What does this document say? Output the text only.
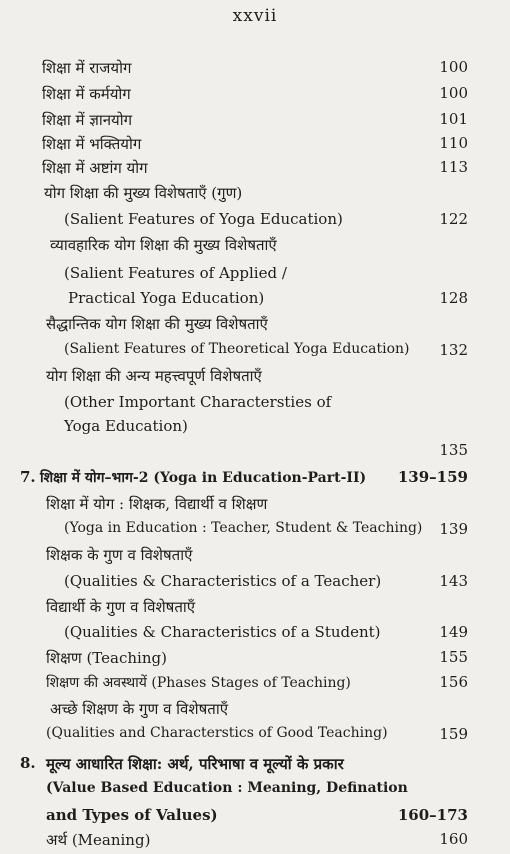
xxvii
शिक्षा में राजयोग	100
शिक्षा में कर्मयोग	100
शिक्षा में ज्ञानयोग	101
शिक्षा में भक्तियोग	110
शिक्षा में अष्टांग योग	113
योग शिक्षा की मुख्य विशेषताएँ (गुण)
(Salient Features of Yoga Education)	122
व्यावहारिक योग शिक्षा की मुख्य विशेषताएँ
(Salient Features of Applied /
Practical Yoga Education)	128
सैद्धान्तिक योग शिक्षा की मुख्य विशेषताएँ
(Salient Features of Theoretical Yoga Education) 132
योग शिक्षा की अन्य महत्त्वपूर्ण विशेषताएँ
(Other Important Charactersties of
Yoga Education)
135
7. शिक्षा में योग–भाग-2 (Yoga in Education-Part-II) 139–159
शिक्षा में योग : शिक्षक, विद्यार्थी व शिक्षण
(Yoga in Education : Teacher, Student & Teaching) 139
शिक्षक के गुण व विशेषताएँ
(Qualities & Characteristics of a Teacher)	143
विद्यार्थी के गुण व विशेषताएँ
(Qualities & Characteristics of a Student)	149
शिक्षण (Teaching)	155
शिक्षण की अवस्थायें (Phases Stages of Teaching)	156
अच्छे शिक्षण के गुण व विशेषताएँ
(Qualities and Characterstics of Good Teaching)	159
8. मूल्य आधारित शिक्षा: अर्थ, परिभाषा व मूल्यों के प्रकार
(Value Based Education : Meaning, Defination
and Types of Values)	160–173
अर्थ (Meaning)	160
